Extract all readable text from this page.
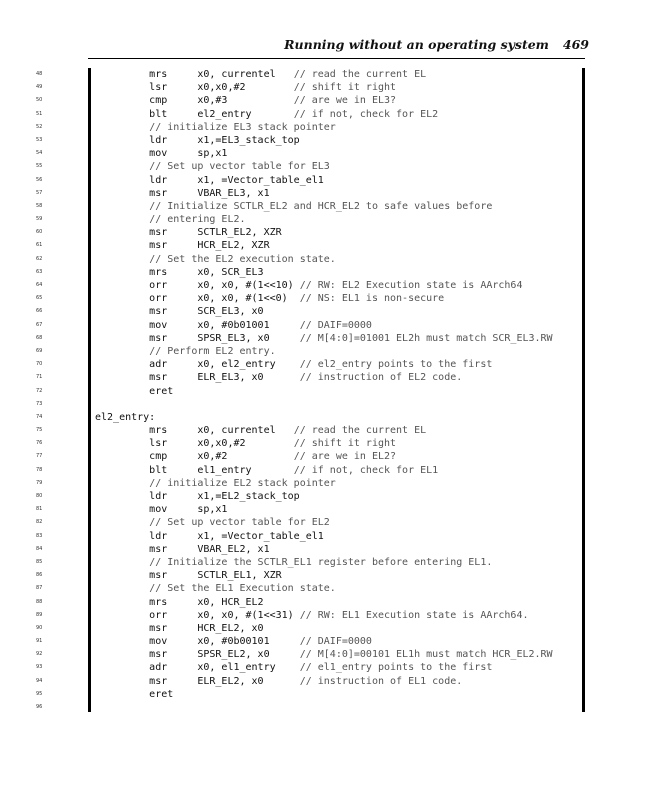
Running without an operating system 469
48	mrs     x0, currentel   // read the current EL
49	lsr     x0,x0,#2        // shift it right
50	cmp     x0,#3           // are we in EL3?
51	blt     el2_entry       // if not, check for EL2
52	// initialize EL3 stack pointer
53	ldr     x1,=EL3_stack_top
54	mov     sp,x1
55	// Set up vector table for EL3
56	ldr     x1, =Vector_table_el1
57	msr     VBAR_EL3, x1
58	// Initialize SCTLR_EL2 and HCR_EL2 to safe values before
59	// entering EL2.
60	msr     SCTLR_EL2, XZR
61	msr     HCR_EL2, XZR
62	// Set the EL2 execution state.
63	mrs     x0, SCR_EL3
64	orr     x0, x0, #(1<<10) // RW: EL2 Execution state is AArch64
65	orr     x0, x0, #(1<<0)  // NS: EL1 is non-secure
66	msr     SCR_EL3, x0
67	mov     x0, #0b01001     // DAIF=0000
68	msr     SPSR_EL3, x0     // M[4:0]=01001 EL2h must match SCR_EL3.RW
69	// Perform EL2 entry.
70	adr     x0, el2_entry    // el2_entry points to the first
71	msr     ELR_EL3, x0      // instruction of EL2 code.
72	eret
73
74	el2_entry:
75	mrs     x0, currentel   // read the current EL
76	lsr     x0,x0,#2        // shift it right
77	cmp     x0,#2           // are we in EL2?
78	blt     el1_entry       // if not, check for EL1
79	// initialize EL2 stack pointer
80	ldr     x1,=EL2_stack_top
81	mov     sp,x1
82	// Set up vector table for EL2
83	ldr     x1, =Vector_table_el1
84	msr     VBAR_EL2, x1
85	// Initialize the SCTLR_EL1 register before entering EL1.
86	msr     SCTLR_EL1, XZR
87	// Set the EL1 Execution state.
88	mrs     x0, HCR_EL2
89	orr     x0, x0, #(1<<31) // RW: EL1 Execution state is AArch64.
90	msr     HCR_EL2, x0
91	mov     x0, #0b00101     // DAIF=0000
92	msr     SPSR_EL2, x0     // M[4:0]=00101 EL1h must match HCR_EL2.RW
93	adr     x0, el1_entry    // el1_entry points to the first
94	msr     ELR_EL2, x0      // instruction of EL1 code.
95	eret
96
